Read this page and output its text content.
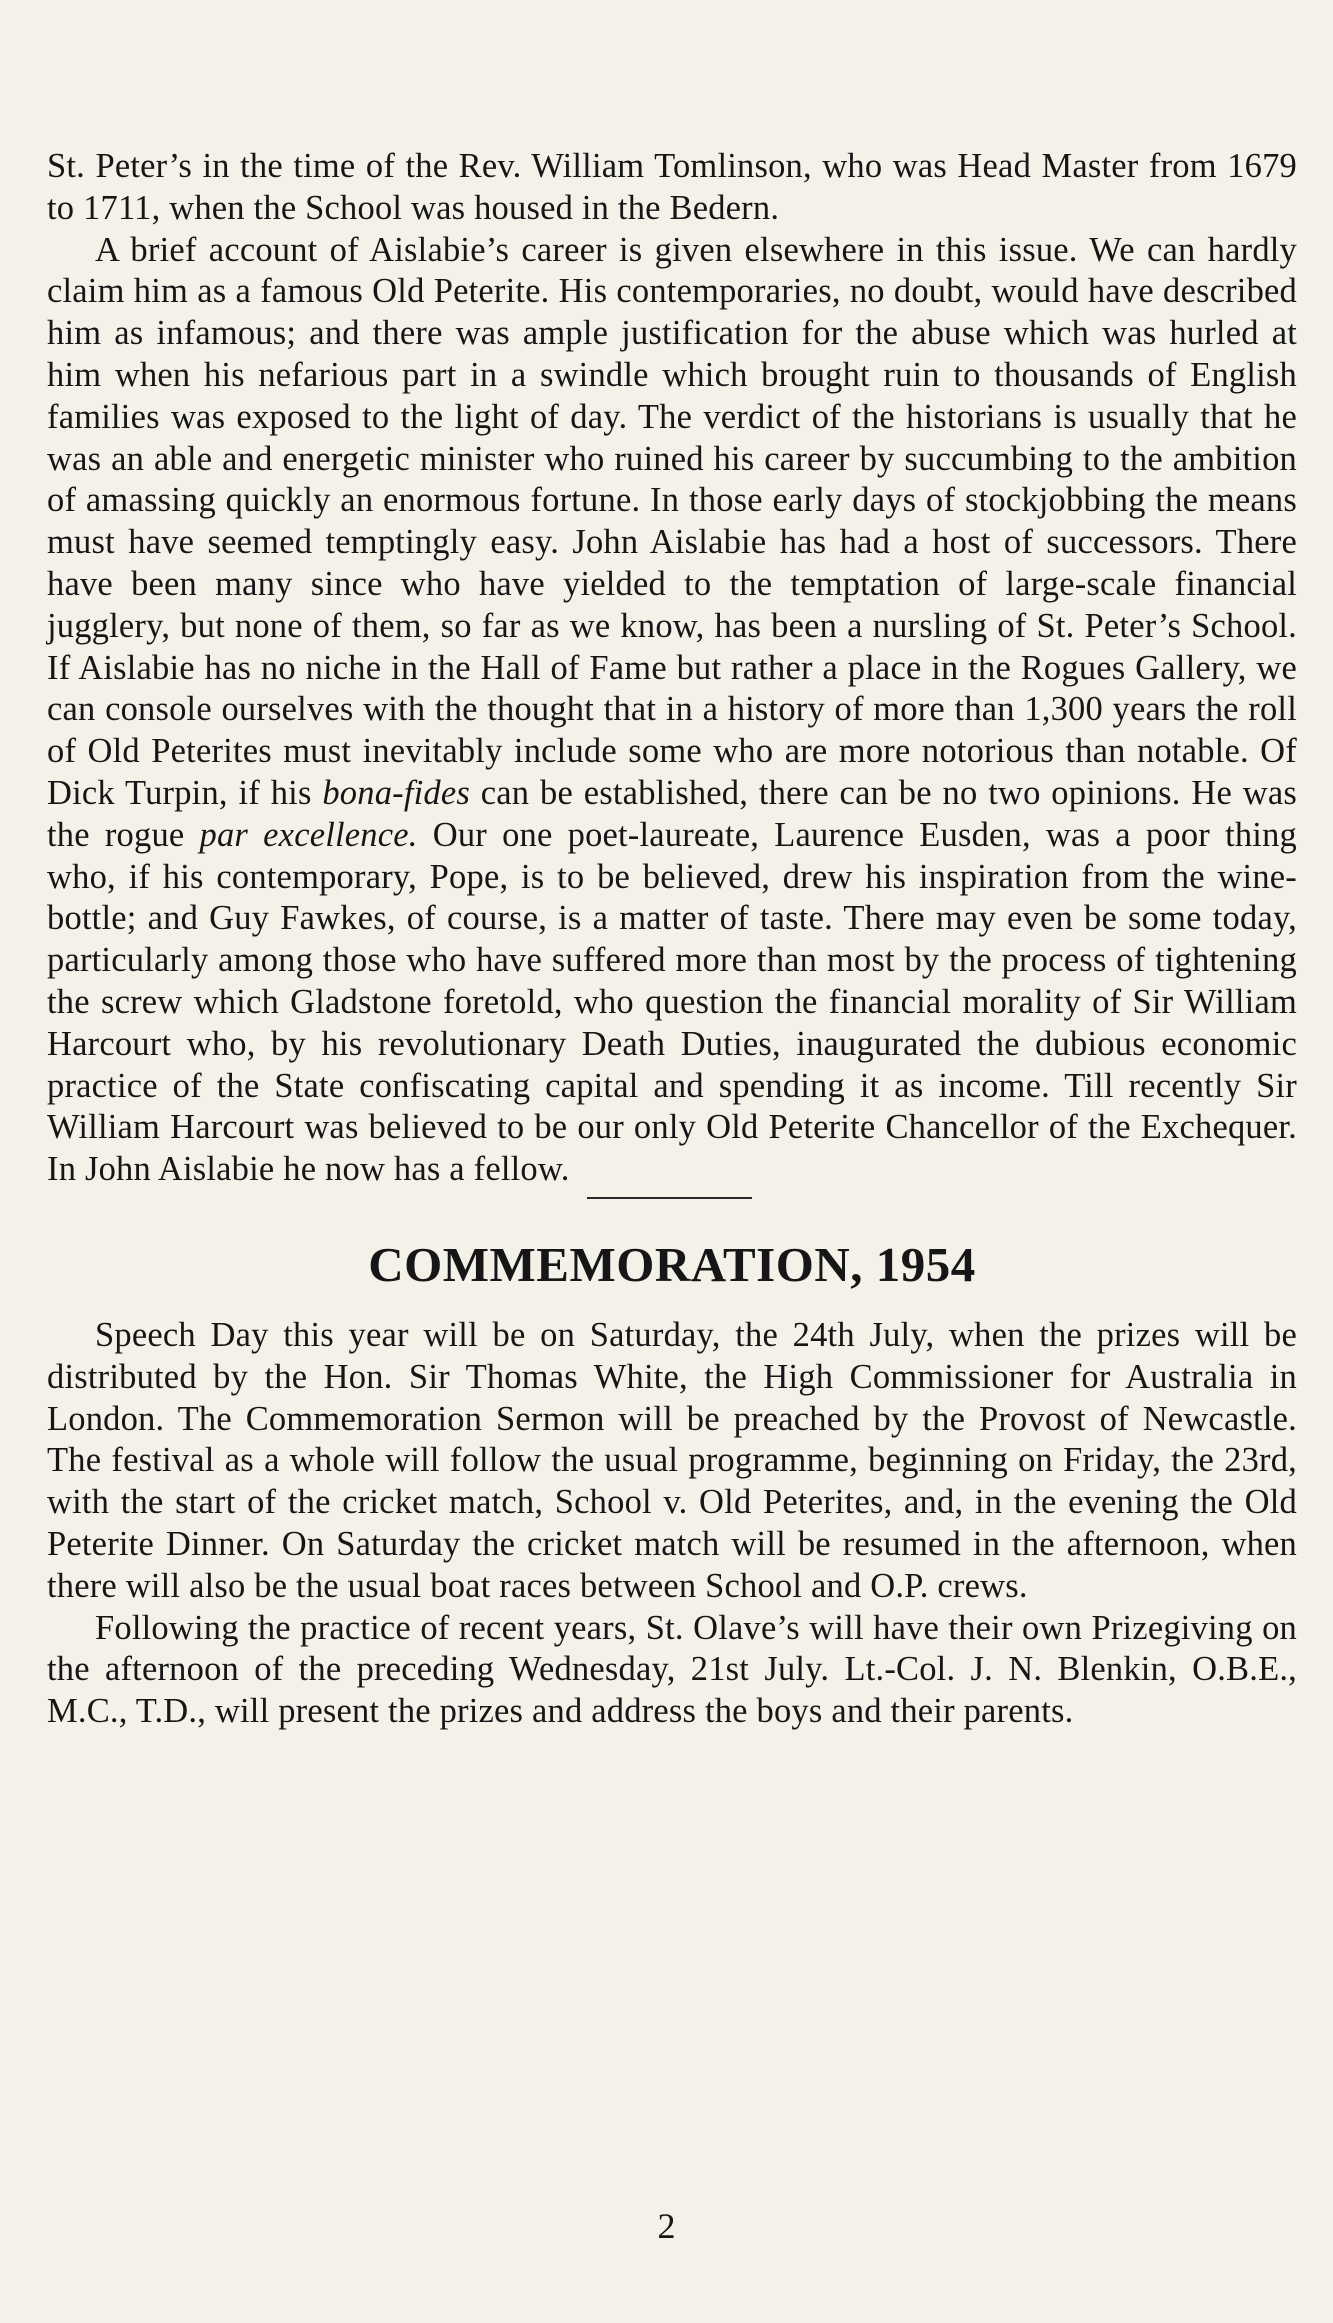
St. Peter’s in the time of the Rev. William Tomlinson, who was Head Master from 1679 to 1711, when the School was housed in the Bedern.

A brief account of Aislabie’s career is given elsewhere in this issue. We can hardly claim him as a famous Old Peterite. His contemporaries, no doubt, would have described him as infamous; and there was ample justification for the abuse which was hurled at him when his nefarious part in a swindle which brought ruin to thousands of English families was exposed to the light of day. The verdict of the historians is usually that he was an able and energetic minister who ruined his career by succumbing to the ambition of amassing quickly an enormous fortune. In those early days of stockjobbing the means must have seemed temptingly easy. John Aislabie has had a host of successors. There have been many since who have yielded to the temptation of large-scale financial jugglery, but none of them, so far as we know, has been a nursling of St. Peter’s School. If Aislabie has no niche in the Hall of Fame but rather a place in the Rogues Gallery, we can console ourselves with the thought that in a history of more than 1,300 years the roll of Old Peterites must inevitably include some who are more notorious than notable. Of Dick Turpin, if his bona-fides can be established, there can be no two opinions. He was the rogue par excellence. Our one poet-laureate, Laurence Eusden, was a poor thing who, if his contemporary, Pope, is to be believed, drew his inspiration from the wine-bottle; and Guy Fawkes, of course, is a matter of taste. There may even be some today, particularly among those who have suffered more than most by the process of tightening the screw which Gladstone foretold, who question the financial morality of Sir William Harcourt who, by his revolutionary Death Duties, inaugurated the dubious economic practice of the State confiscating capital and spending it as income. Till recently Sir William Harcourt was believed to be our only Old Peterite Chancellor of the Exchequer. In John Aislabie he now has a fellow.

COMMEMORATION, 1954

Speech Day this year will be on Saturday, the 24th July, when the prizes will be distributed by the Hon. Sir Thomas White, the High Commissioner for Australia in London. The Commemoration Sermon will be preached by the Provost of Newcastle. The festival as a whole will follow the usual programme, beginning on Friday, the 23rd, with the start of the cricket match, School v. Old Peterites, and, in the evening the Old Peterite Dinner. On Saturday the cricket match will be resumed in the afternoon, when there will also be the usual boat races between School and O.P. crews.

Following the practice of recent years, St. Olave’s will have their own Prizegiving on the afternoon of the preceding Wednesday, 21st July. Lt.-Col. J. N. Blenkin, O.B.E., M.C., T.D., will present the prizes and address the boys and their parents.

2
